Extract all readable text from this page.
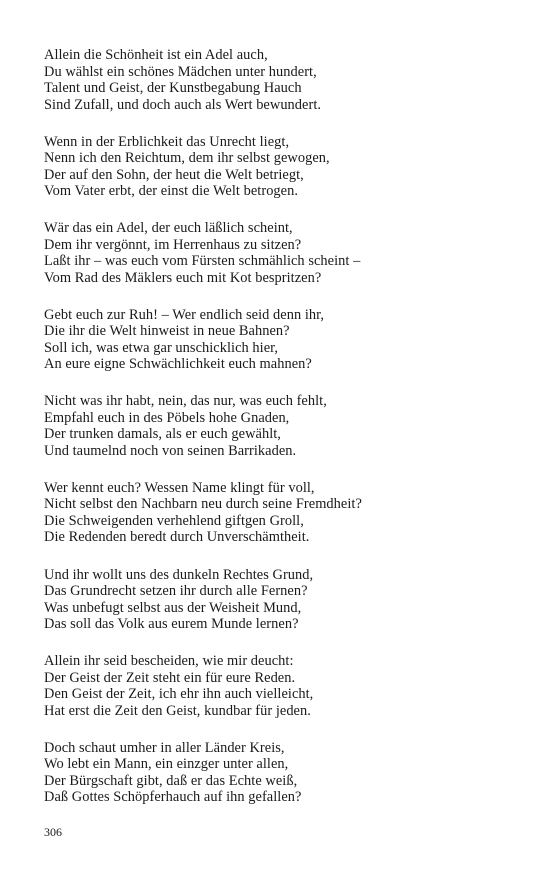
Allein die Schönheit ist ein Adel auch,
Du wählst ein schönes Mädchen unter hundert,
Talent und Geist, der Kunstbegabung Hauch
Sind Zufall, und doch auch als Wert bewundert.
Wenn in der Erblichkeit das Unrecht liegt,
Nenn ich den Reichtum, dem ihr selbst gewogen,
Der auf den Sohn, der heut die Welt betriegt,
Vom Vater erbt, der einst die Welt betrogen.
Wär das ein Adel, der euch läßlich scheint,
Dem ihr vergönnt, im Herrenhaus zu sitzen?
Laßt ihr – was euch vom Fürsten schmählich scheint –
Vom Rad des Mäklers euch mit Kot bespritzen?
Gebt euch zur Ruh! – Wer endlich seid denn ihr,
Die ihr die Welt hinweist in neue Bahnen?
Soll ich, was etwa gar unschicklich hier,
An eure eigne Schwächlichkeit euch mahnen?
Nicht was ihr habt, nein, das nur, was euch fehlt,
Empfahl euch in des Pöbels hohe Gnaden,
Der trunken damals, als er euch gewählt,
Und taumelnd noch von seinen Barrikaden.
Wer kennt euch? Wessen Name klingt für voll,
Nicht selbst den Nachbarn neu durch seine Fremdheit?
Die Schweigenden verhehlend giftgen Groll,
Die Redenden beredt durch Unverschämtheit.
Und ihr wollt uns des dunkeln Rechtes Grund,
Das Grundrecht setzen ihr durch alle Fernen?
Was unbefugt selbst aus der Weisheit Mund,
Das soll das Volk aus eurem Munde lernen?
Allein ihr seid bescheiden, wie mir deucht:
Der Geist der Zeit steht ein für eure Reden.
Den Geist der Zeit, ich ehr ihn auch vielleicht,
Hat erst die Zeit den Geist, kundbar für jeden.
Doch schaut umher in aller Länder Kreis,
Wo lebt ein Mann, ein einzger unter allen,
Der Bürgschaft gibt, daß er das Echte weiß,
Daß Gottes Schöpferhauch auf ihn gefallen?
306
